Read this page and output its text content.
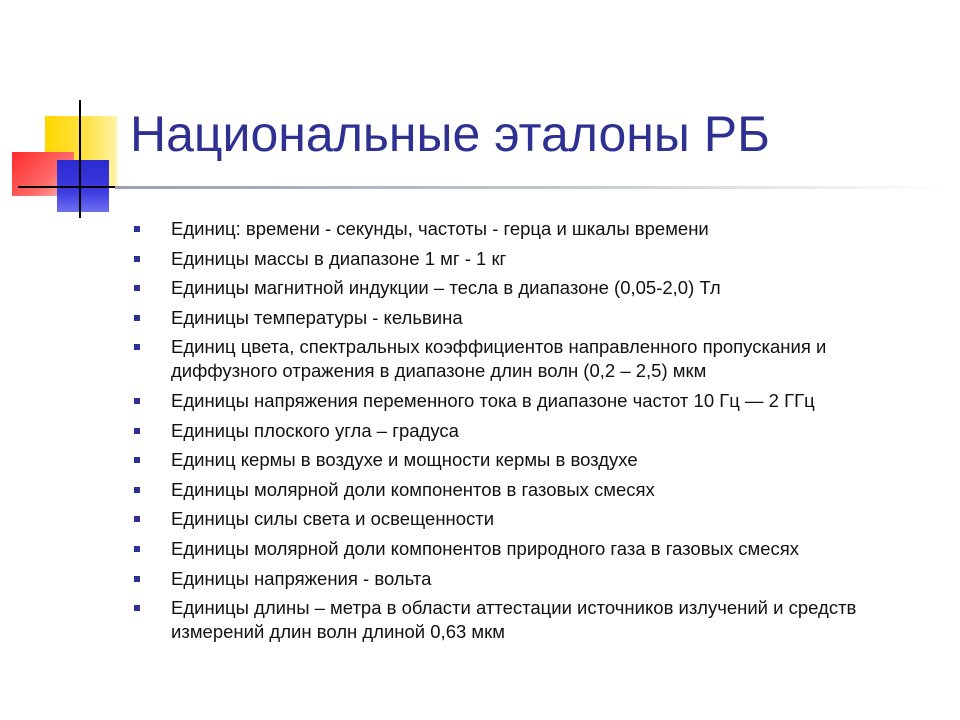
Национальные эталоны РБ
Единиц: времени - секунды, частоты - герца и шкалы времени
Единицы массы в диапазоне 1 мг - 1 кг
Единицы магнитной индукции – тесла в диапазоне (0,05-2,0) Тл
Единицы температуры - кельвина
Единиц цвета, спектральных коэффициентов направленного пропускания и диффузного отражения в диапазоне длин волн (0,2 – 2,5) мкм
Единицы напряжения переменного тока в диапазоне частот 10 Гц — 2 ГГц
Единицы плоского угла – градуса
Единиц кермы в воздухе и мощности кермы в воздухе
Единицы молярной доли компонентов в газовых смесях
Единицы силы света и освещенности
Единицы молярной доли компонентов природного газа в газовых смесях
Единицы напряжения - вольта
Единицы длины – метра в области аттестации источников излучений и средств измерений длин волн длиной 0,63 мкм
